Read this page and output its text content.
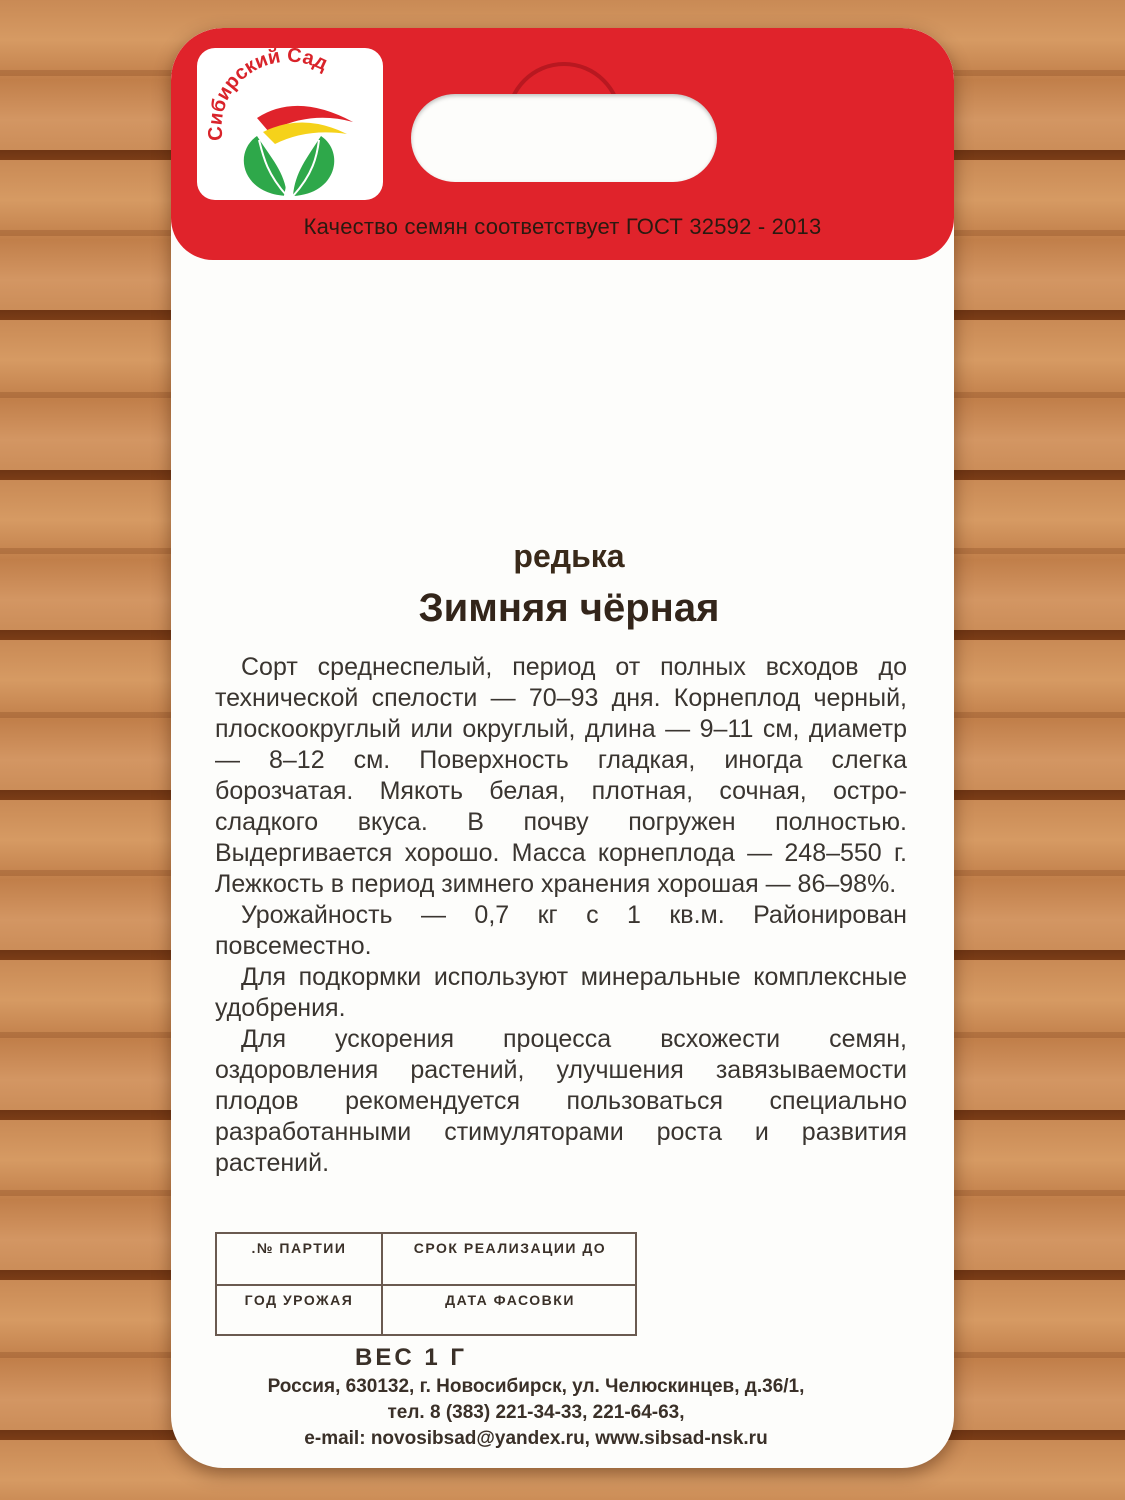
Сибирский Сад
Качество семян соответствует ГОСТ 32592 - 2013
редька
Зимняя чёрная

Сорт среднеспелый, период от полных всходов до технической спелости — 70–93 дня. Корнеплод черный, плоскоокруглый или округлый, длина — 9–11 см, диаметр — 8–12 см. Поверхность гладкая, иногда слегка борозчатая. Мякоть белая, плотная, сочная, остро-сладкого вкуса. В почву погружен полностью. Выдергивается хорошо. Масса корнеплода — 248–550 г. Лежкость в период зимнего хранения хорошая — 86–98%.

Урожайность — 0,7 кг с 1 кв.м. Районирован повсеместно.

Для подкормки используют минеральные комплексные удобрения.

Для ускорения процесса всхожести семян, оздоровления растений, улучшения завязываемости плодов рекомендуется пользоваться специально разработанными стимуляторами роста и развития растений.

.№ ПАРТИИ	СРОК РЕАЛИЗАЦИИ ДО
ГОД УРОЖАЯ	ДАТА ФАСОВКИ
ВЕС 1 Г
Россия, 630132, г. Новосибирск, ул. Челюскинцев, д.36/1,
тел. 8 (383) 221-34-33, 221-64-63,
e-mail: novosibsad@yandex.ru, www.sibsad-nsk.ru
